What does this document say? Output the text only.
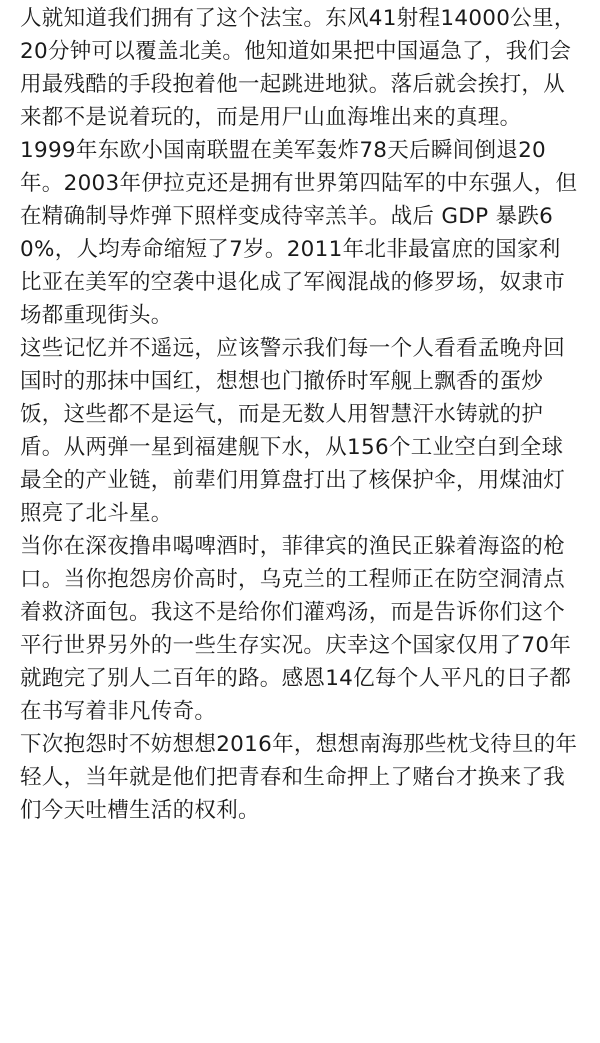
人就知道我们拥有了这个法宝。东风41射程14000公里，20分钟可以覆盖北美。他知道如果把中国逼急了，我们会用最残酷的手段抱着他一起跳进地狱。落后就会挨打，从来都不是说着玩的，而是用尸山血海堆出来的真理。

1999年东欧小国南联盟在美军轰炸78天后瞬间倒退20年。2003年伊拉克还是拥有世界第四陆军的中东强人，但在精确制导炸弹下照样变成待宰羔羊。战后 GDP 暴跌60%，人均寿命缩短了7岁。2011年北非最富庶的国家利比亚在美军的空袭中退化成了军阀混战的修罗场，奴隶市场都重现街头。

这些记忆并不遥远，应该警示我们每一个人看看孟晚舟回国时的那抹中国红，想想也门撤侨时军舰上飘香的蛋炒饭，这些都不是运气，而是无数人用智慧汗水铸就的护盾。从两弹一星到福建舰下水，从156个工业空白到全球最全的产业链，前辈们用算盘打出了核保护伞，用煤油灯照亮了北斗星。

当你在深夜撸串喝啤酒时，菲律宾的渔民正躲着海盗的枪口。当你抱怨房价高时，乌克兰的工程师正在防空洞清点着救济面包。我这不是给你们灌鸡汤，而是告诉你们这个平行世界另外的一些生存实况。庆幸这个国家仅用了70年就跑完了别人二百年的路。感恩14亿每个人平凡的日子都在书写着非凡传奇。

下次抱怨时不妨想想2016年，想想南海那些枕戈待旦的年轻人，当年就是他们把青春和生命押上了赌台才换来了我们今天吐槽生活的权利。
